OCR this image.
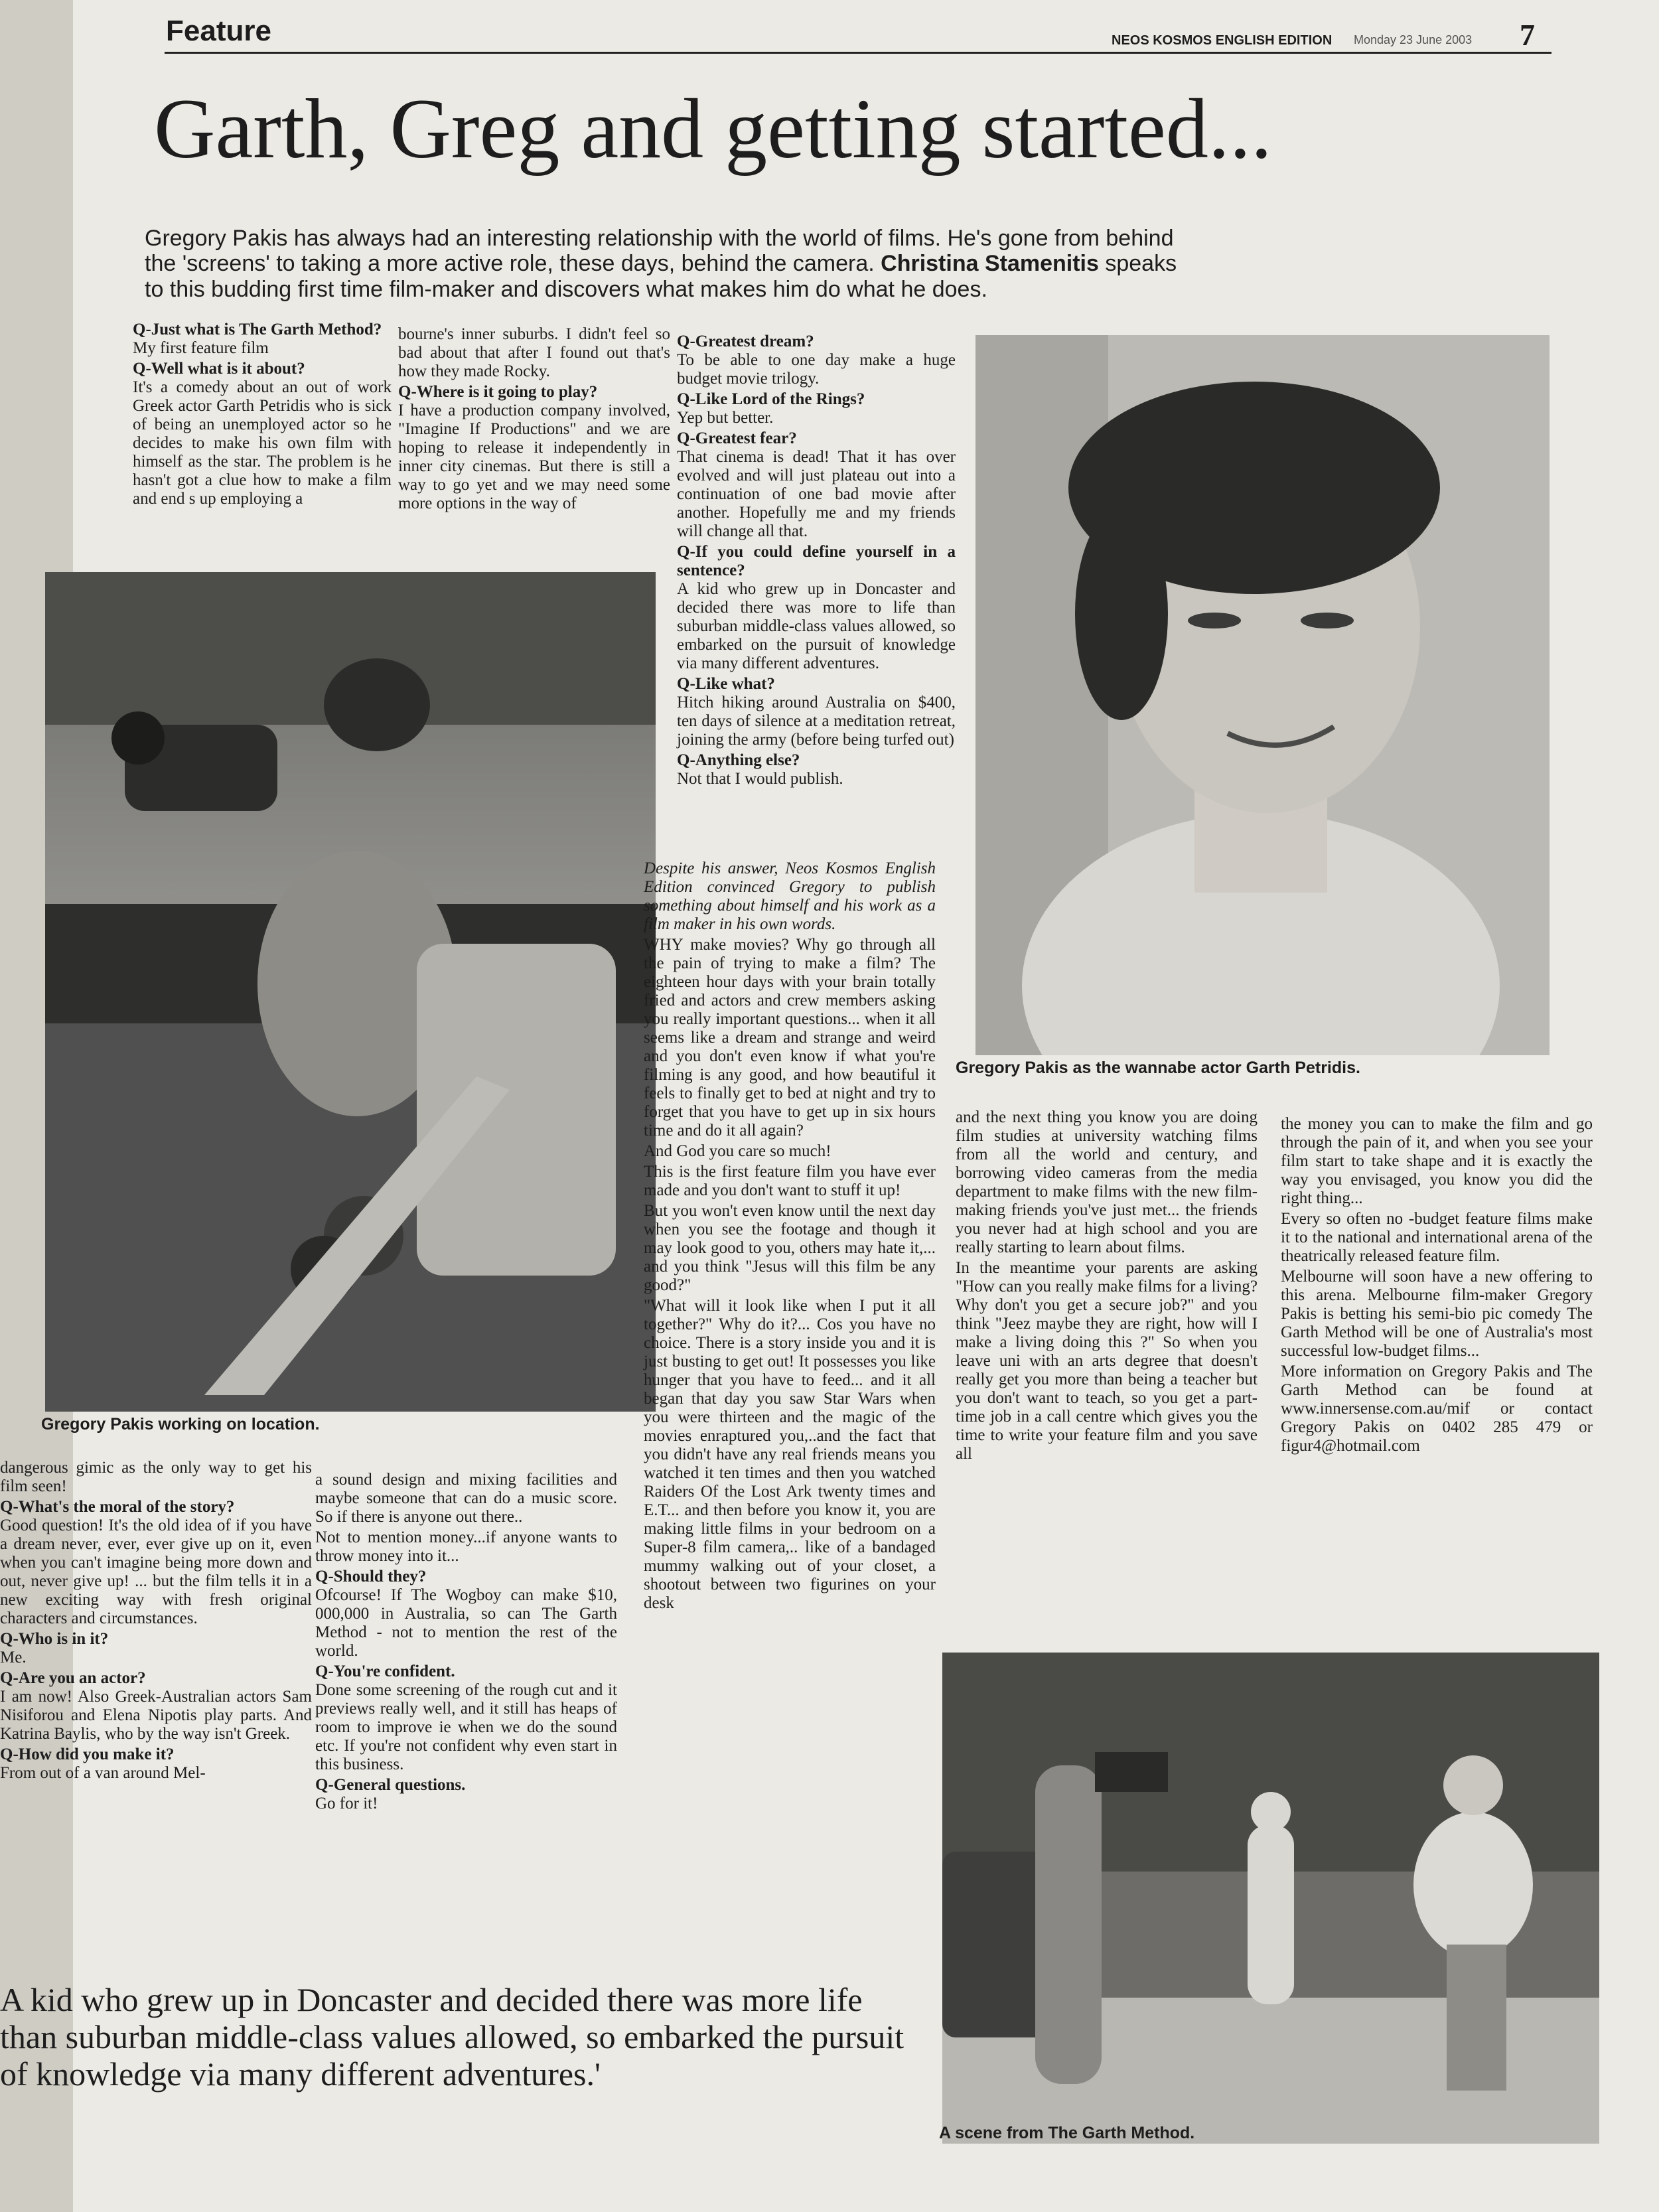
Feature	NEOS KOSMOS ENGLISH EDITION Monday 23 June 2003 7
Garth, Greg and getting started...
Gregory Pakis has always had an interesting relationship with the world of films. He's gone from behind
the 'screens' to taking a more active role, these days, behind the camera. Christina Stamenitis speaks
to this budding first time film-maker and discovers what makes him do what he does.
Q-Just what is The Garth Method?

My first feature film

Q-Well what is it about?

It's a comedy about an out of work Greek actor Garth Petridis who is sick of being an unemployed actor so he decides to make his own film with himself as the star. The problem is he hasn't got a clue how to make a film and end s up employing a

bourne's inner suburbs. I didn't feel so bad about that after I found out that's how they made Rocky.

Q-Where is it going to play?

I have a production company involved, "Imagine If Productions" and we are hoping to release it independently in inner city cinemas. But there is still a way to go yet and we may need some more options in the way of

Q-Greatest dream?

To be able to one day make a huge budget movie trilogy.

Q-Like Lord of the Rings?

Yep but better.

Q-Greatest fear?

That cinema is dead! That it has over evolved and will just plateau out into a continuation of one bad movie after another. Hopefully me and my friends will change all that.

Q-If you could define yourself in a sentence?

A kid who grew up in Doncaster and decided there was more to life than suburban middle-class values allowed, so embarked on the pursuit of knowledge via many different adventures.

Q-Like what?

Hitch hiking around Australia on $400, ten days of silence at a meditation retreat, joining the army (before being turfed out)

Q-Anything else?

Not that I would publish.

Gregory Pakis working on location.
Gregory Pakis as the wannabe actor Garth Petridis.

Despite his answer, Neos Kosmos English Edition convinced Gregory to publish something about himself and his work as a film maker in his own words.

WHY make movies? Why go through all the pain of trying to make a film? The eighteen hour days with your brain totally fried and actors and crew members asking you really important questions... when it all seems like a dream and strange and weird and you don't even know if what you're filming is any good, and how beautiful it feels to finally get to bed at night and try to forget that you have to get up in six hours time and do it all again?

And God you care so much!

This is the first feature film you have ever made and you don't want to stuff it up!

But you won't even know until the next day when you see the footage and though it may look good to you, others may hate it,... and you think "Jesus will this film be any good?"

"What will it look like when I put it all together?" Why do it?... Cos you have no choice. There is a story inside you and it is just busting to get out! It possesses you like hunger that you have to feed... and it all began that day you saw Star Wars when you were thirteen and the magic of the movies enraptured you,..and the fact that you didn't have any real friends means you watched it ten times and then you watched Raiders Of the Lost Ark twenty times and E.T... and then before you know it, you are making little films in your bedroom on a Super-8 film camera,.. like of a bandaged mummy walking out of your closet, a shootout between two figurines on your desk

and the next thing you know you are doing film studies at university watching films from all the world and century, and borrowing video cameras from the media department to make films with the new film-making friends you've just met... the friends you never had at high school and you are really starting to learn about films.

In the meantime your parents are asking "How can you really make films for a living? Why don't you get a secure job?" and you think "Jeez maybe they are right, how will I make a living doing this ?" So when you leave uni with an arts degree that doesn't really get you more than being a teacher but you don't want to teach, so you get a part-time job in a call centre which gives you the time to write your feature film and you save all

the money you can to make the film and go through the pain of it, and when you see your film start to take shape and it is exactly the way you envisaged, you know you did the right thing...

Every so often no -budget feature films make it to the national and international arena of the theatrically released feature film.

Melbourne will soon have a new offering to this arena. Melbourne film-maker Gregory Pakis is betting his semi-bio pic comedy The Garth Method will be one of Australia's most successful low-budget films...

More information on Gregory Pakis and The Garth Method can be found at www.innersense.com.au/mif or contact Gregory Pakis on 0402 285 479 or figur4@hotmail.com

dangerous gimic as the only way to get his film seen!

Q-What's the moral of the story?

Good question! It's the old idea of if you have a dream never, ever, ever give up on it, even when you can't imagine being more down and out, never give up! ... but the film tells it in a new exciting way with fresh original characters and circumstances.

Q-Who is in it?

Me.

Q-Are you an actor?

I am now! Also Greek-Australian actors Sam Nisiforou and Elena Nipotis play parts. And Katrina Baylis, who by the way isn't Greek.

Q-How did you make it?

From out of a van around Mel-

a sound design and mixing facilities and maybe someone that can do a music score. So if there is anyone out there..

Not to mention money...if anyone wants to throw money into it...

Q-Should they?

Ofcourse! If The Wogboy can make $10, 000,000 in Australia, so can The Garth Method - not to mention the rest of the world.

Q-You're confident.

Done some screening of the rough cut and it previews really well, and it still has heaps of room to improve ie when we do the sound etc. If you're not confident why even start in this business.

Q-General questions.

Go for it!

A scene from The Garth Method.
A kid who grew up in Doncaster and decided there was more life than suburban middle-class values allowed, so embarked the pursuit of knowledge via many different adventures.'
